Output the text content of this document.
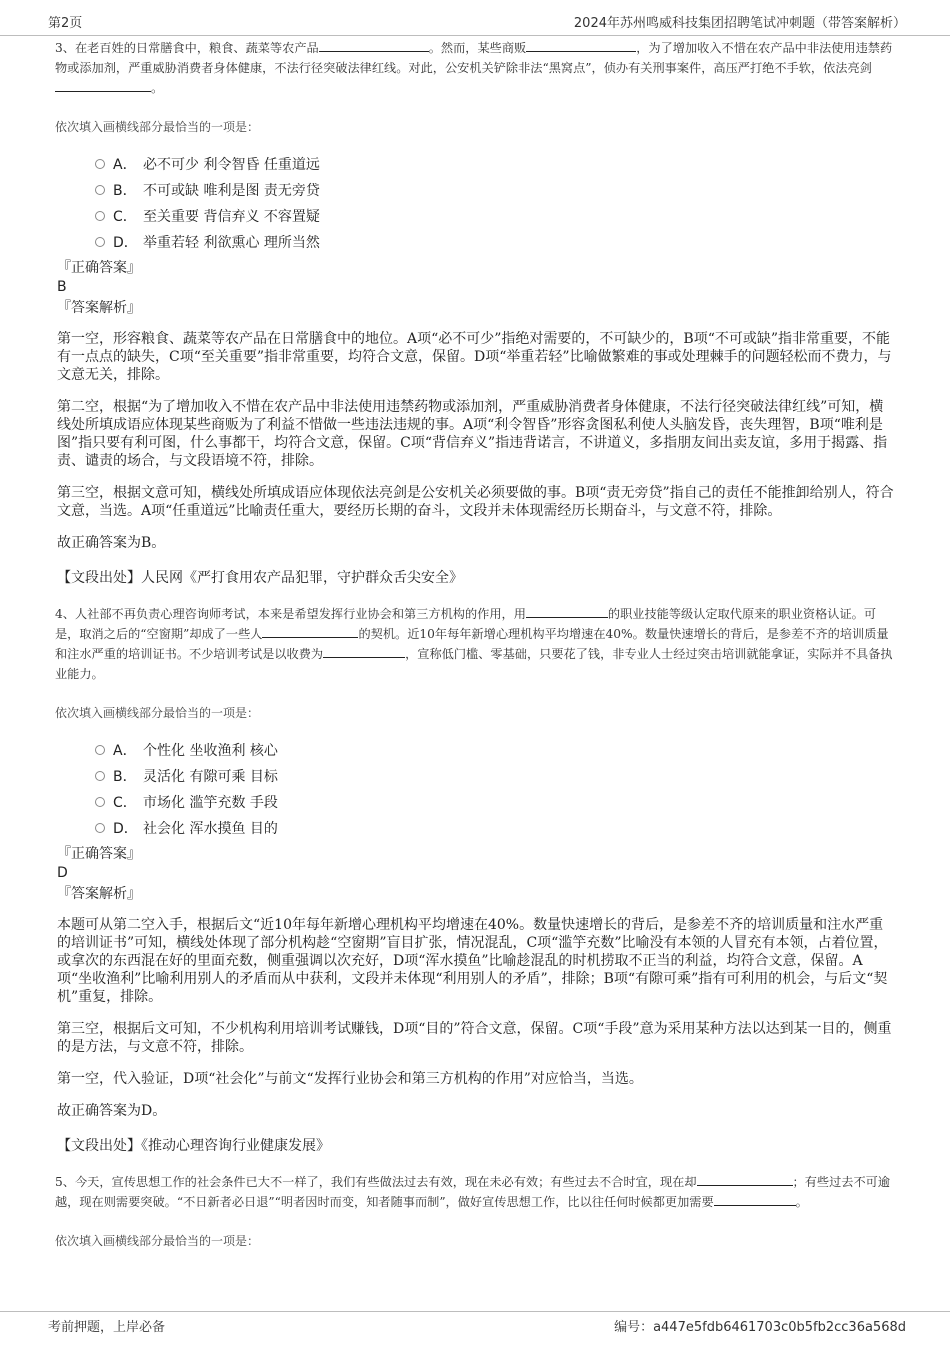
第2页	2024年苏州鸣威科技集团招聘笔试冲刺题（带答案解析）

3、在老百姓的日常膳食中，粮食、蔬菜等农产品	。然而，某些商贩	，为了增加收入不惜在农产品中非法使用违禁药物或添加剂，严重威胁消费者身体健康，不法行径突破法律红线。对此，公安机关铲除非法“黑窝点”，侦办有关刑事案件，高压严打绝不手软，依法亮剑。

依次填入画横线部分最恰当的一项是：

A． 必不可少 利令智昏 任重道远
B． 不可或缺 唯利是图 责无旁贷
C． 至关重要 背信弃义 不容置疑
D． 举重若轻 利欲熏心 理所当然
『正确答案』
B
『答案解析』

第一空，形容粮食、蔬菜等农产品在日常膳食中的地位。A项“必不可少”指绝对需要的，不可缺少的，B项“不可或缺”指非常重要，不能有一点点的缺失，C项“至关重要”指非常重要，均符合文意，保留。D项“举重若轻”比喻做繁难的事或处理棘手的问题轻松而不费力，与文意无关，排除。

第二空，根据“为了增加收入不惜在农产品中非法使用违禁药物或添加剂，严重威胁消费者身体健康，不法行径突破法律红线”可知，横线处所填成语应体现某些商贩为了利益不惜做一些违法违规的事。A项“利令智昏”形容贪图私利使人头脑发昏，丧失理智，B项“唯利是图”指只要有利可图，什么事都干，均符合文意，保留。C项“背信弃义”指违背诺言，不讲道义，多指朋友间出卖友谊，多用于揭露、指责、谴责的场合，与文段语境不符，排除。

第三空，根据文意可知，横线处所填成语应体现依法亮剑是公安机关必须要做的事。B项“责无旁贷”指自己的责任不能推卸给别人，符合文意，当选。A项“任重道远”比喻责任重大，要经历长期的奋斗，文段并未体现需经历长期奋斗，与文意不符，排除。

故正确答案为B。

【文段出处】人民网《严打食用农产品犯罪，守护群众舌尖安全》

4、人社部不再负责心理咨询师考试，本来是希望发挥行业协会和第三方机构的作用，用	的职业技能等级认定取代原来的职业资格认证。可是，取消之后的“空窗期”却成了一些人	的契机。近10年每年新增心理机构平均增速在40%。数量快速增长的背后，是参差不齐的培训质量和注水严重的培训证书。不少培训考试是以收费为	，宣称低门槛、零基础，只要花了钱，非专业人士经过突击培训就能拿证，实际并不具备执业能力。

依次填入画横线部分最恰当的一项是：

A． 个性化 坐收渔利 核心
B． 灵活化 有隙可乘 目标
C． 市场化 滥竽充数 手段
D． 社会化 浑水摸鱼 目的
『正确答案』
D
『答案解析』

本题可从第二空入手，根据后文“近10年每年新增心理机构平均增速在40%。数量快速增长的背后，是参差不齐的培训质量和注水严重的培训证书”可知，横线处体现了部分机构趁“空窗期”盲目扩张，情况混乱，C项“滥竽充数”比喻没有本领的人冒充有本领，占着位置，或拿次的东西混在好的里面充数，侧重强调以次充好，D项“浑水摸鱼”比喻趁混乱的时机捞取不正当的利益，均符合文意，保留。A项“坐收渔利”比喻利用别人的矛盾而从中获利，文段并未体现“利用别人的矛盾”，排除；B项“有隙可乘”指有可利用的机会，与后文“契机”重复，排除。

第三空，根据后文可知，不少机构利用培训考试赚钱，D项“目的”符合文意，保留。C项“手段”意为采用某种方法以达到某一目的，侧重的是方法，与文意不符，排除。

第一空，代入验证，D项“社会化”与前文“发挥行业协会和第三方机构的作用”对应恰当，当选。

故正确答案为D。

【文段出处】《推动心理咨询行业健康发展》

5、今天，宣传思想工作的社会条件已大不一样了，我们有些做法过去有效，现在未必有效；有些过去不合时宜，现在却	；有些过去不可逾越，现在则需要突破。“不日新者必日退”“明者因时而变，知者随事而制”，做好宣传思想工作，比以往任何时候都更加需要	。

依次填入画横线部分最恰当的一项是：

考前押题，上岸必备	编号：a447e5fdb6461703c0b5fb2cc36a568d
